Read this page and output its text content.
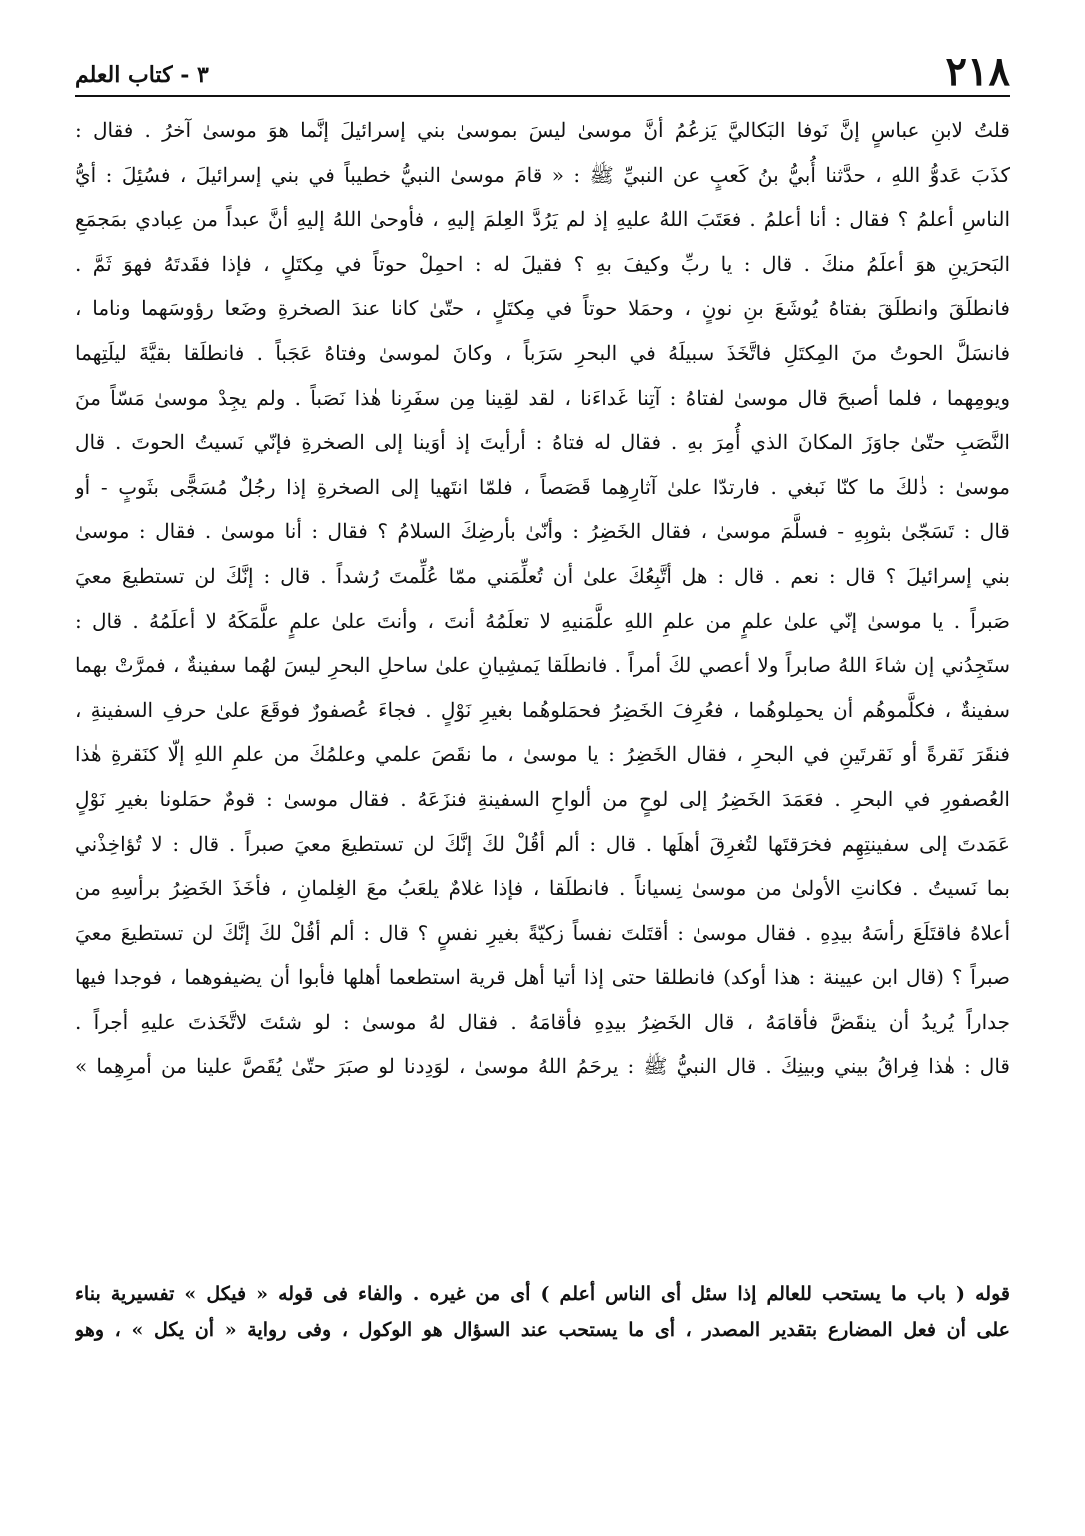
٣ - كتاب العلم	٢١٨
قلتُ لابنِ عباسٍ إنَّ نَوفا البَكاليَّ يَزعُمُ أنَّ موسىٰ ليسَ بموسىٰ بني إسرائيلَ إنَّما هوَ موسىٰ آخرُ . فقال :
كذَبَ عَدوُّ اللهِ ، حدَّثنا أُبيُّ بنُ كَعبٍ عن النبيِّ ﷺ : « قامَ موسىٰ النبيُّ خطيباً في بني إسرائيلَ ، فسُئِلَ : أيُّ
الناسِ أعلمُ ؟ فقال : أنا أعلمُ . فعَتَبَ اللهُ عليهِ إذ لم يَرُدَّ العِلمَ إليهِ ، فأوحىٰ اللهُ إليهِ أنَّ عبداً من عِبادي بمَجمَعِ
البَحرَينِ هوَ أعلَمُ منكَ . قال : يا ربِّ وكيفَ بهِ ؟ فقيلَ له : احمِلْ حوتاً في مِكتَلٍ ، فإذا فقَدتَهُ فهوَ ثَمَّ .
فانطلَقَ وانطلَقَ بفتاهُ يُوشَعَ بنِ نونٍ ، وحمَلا حوتاً في مِكتَلٍ ، حتّىٰ كانا عندَ الصخرةِ وضَعا رؤوسَهما وناما ،
فانسَلَّ الحوتُ منَ المِكتَلِ فاتَّخَذَ سبيلَهُ في البحرِ سَرَباً ، وكانَ لموسىٰ وفتاهُ عَجَباً . فانطلَقا بقيَّةَ ليلَتِهما
ويومِهما ، فلما أصبحَ قال موسىٰ لفتاهُ : آتِنا غَداءَنا ، لقد لقِينا مِن سفَرِنا هٰذا نَصَباً . ولم يجِدْ موسىٰ مَسّاً منَ
النَّصَبِ حتّىٰ جاوَزَ المكانَ الذي أُمِرَ بهِ . فقال له فتاهُ : أرأيتَ إذ أوَينا إلى الصخرةِ فإنّي نَسيتُ الحوتَ . قال
موسىٰ : ذٰلكَ ما كنّا نَبغي . فارتدّا علىٰ آثارِهِما قَصَصاً ، فلمّا انتَهيا إلى الصخرةِ إذا رجُلٌ مُسَجًّى بثَوبٍ - أو
قال : تَسَجّىٰ بثوبِهِ - فسلَّمَ موسىٰ ، فقال الخَضِرُ : وأنّىٰ بأرضِكَ السلامُ ؟ فقال : أنا موسىٰ . فقال : موسىٰ
بني إسرائيلَ ؟ قال : نعم . قال : هل أتَّبِعُكَ علىٰ أن تُعلِّمَني ممّا عُلِّمتَ رُشداً . قال : إنَّكَ لن تستطيعَ معيَ
صَبراً . يا موسىٰ إنّي علىٰ علمٍ من علمِ اللهِ علَّمَنيهِ لا تعلَمُهُ أنتَ ، وأنتَ علىٰ علمٍ علَّمَكَهُ لا أعلَمُهُ . قال :
ستَجِدُني إن شاءَ اللهُ صابراً ولا أعصي لكَ أمراً . فانطلَقا يَمشِيانِ علىٰ ساحلِ البحرِ ليسَ لهُما سفينةٌ ، فمرَّتْ بهما
سفينةٌ ، فكلَّموهُم أن يحمِلوهُما ، فعُرِفَ الخَضِرُ فحمَلوهُما بغيرِ نَوْلٍ . فجاءَ عُصفورٌ فوقَعَ علىٰ حرفِ السفينةِ ،
فنقَرَ نَقرةً أو نَقرتَينِ في البحرِ ، فقال الخَضِرُ : يا موسىٰ ، ما نقَصَ علمي وعلمُكَ من علمِ اللهِ إلّا كنَقرةِ هٰذا
العُصفورِ في البحرِ . فعَمَدَ الخَضِرُ إلى لوحٍ من ألواحِ السفينةِ فنزَعَهُ . فقال موسىٰ : قومٌ حمَلونا بغيرِ نَوْلٍ
عَمَدتَ إلى سفينتِهِم فخرَقتَها لتُغرِقَ أهلَها . قال : ألم أقُلْ لكَ إنَّكَ لن تستطيعَ معيَ صبراً . قال : لا تُؤاخِذْني
بما نَسيتُ . فكانتِ الأولىٰ من موسىٰ نِسياناً . فانطلَقا ، فإذا غلامٌ يلعَبُ معَ الغِلمانِ ، فأخَذَ الخَضِرُ برأسِهِ من
أعلاهُ فاقتَلَعَ رأسَهُ بيدِهِ . فقال موسىٰ : أقتَلتَ نفساً زكيّةً بغيرِ نفسٍ ؟ قال : ألم أقُلْ لكَ إنَّكَ لن تستطيعَ معيَ
صبراً ؟ (قال ابن عيينة : هذا أوكد) فانطلقا حتى إذا أتيا أهل قرية استطعما أهلها فأبوا أن يضيفوهما ، فوجدا فيها
جداراً يُريدُ أن ينقَضَّ فأقامَهُ ، قال الخَضِرُ بيدِهِ فأقامَهُ . فقال لهُ موسىٰ : لو شئتَ لاتَّخَذتَ عليهِ أجراً .
قال : هٰذا فِراقُ بيني وبينِكَ . قال النبيُّ ﷺ : يرحَمُ اللهُ موسىٰ ، لوَدِدنا لو صبَرَ حتّىٰ يُقَصَّ علينا من أمرِهِما »
قوله ( باب ما يستحب للعالم إذا سئل أى الناس أعلم ) أى من غيره . والفاء فى قوله « فيكل » تفسيرية بناء
على أن فعل المضارع بتقدير المصدر ، أى ما يستحب عند السؤال هو الوكول ، وفى رواية « أن يكل » ، وهو
